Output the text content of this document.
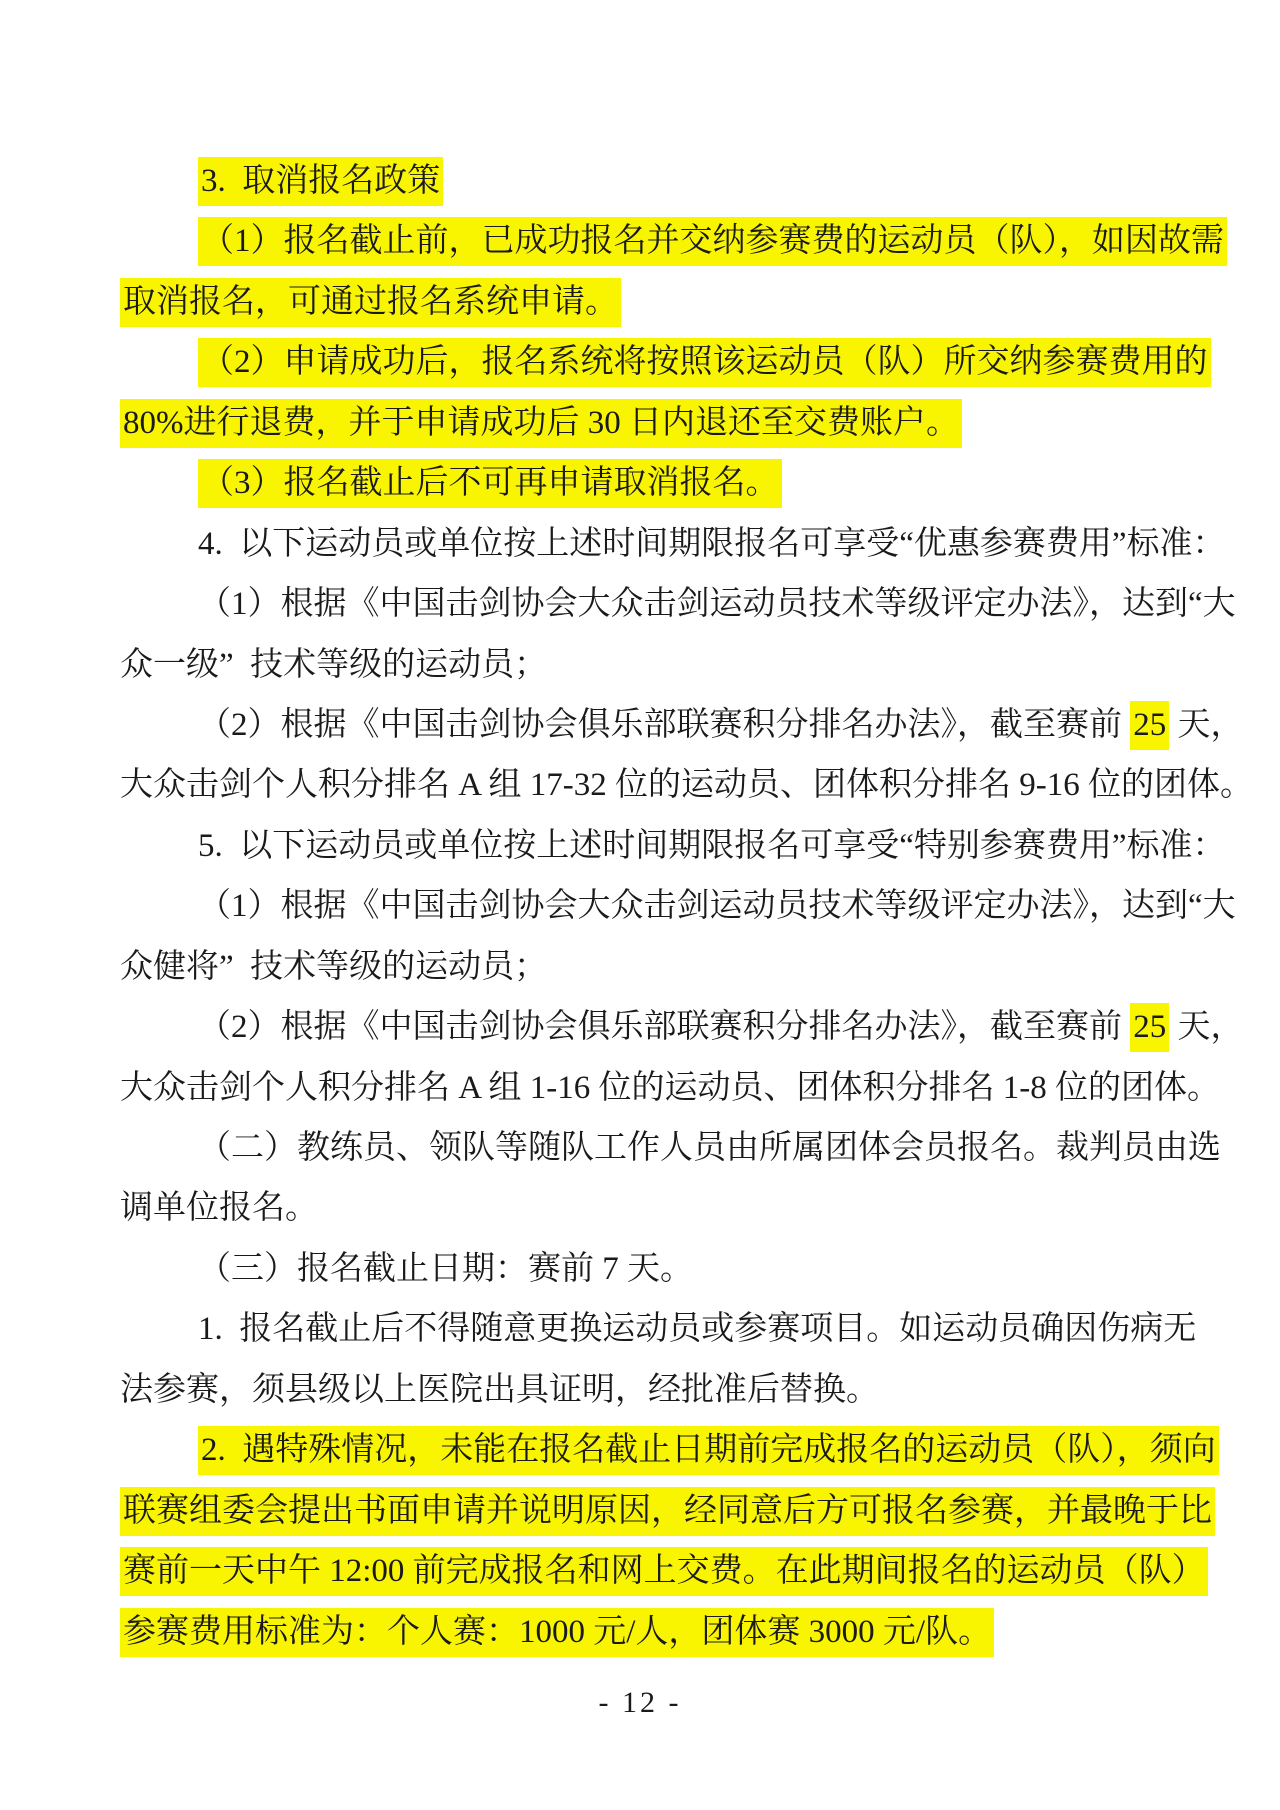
3. 取消报名政策
（1）报名截止前，已成功报名并交纳参赛费的运动员（队），如因故需
取消报名，可通过报名系统申请。
（2）申请成功后，报名系统将按照该运动员（队）所交纳参赛费用的
80%进行退费，并于申请成功后 30 日内退还至交费账户。
（3）报名截止后不可再申请取消报名。
4. 以下运动员或单位按上述时间期限报名可享受“优惠参赛费用”标准：
（1）根据《中国击剑协会大众击剑运动员技术等级评定办法》，达到“大
众一级” 技术等级的运动员；
（2）根据《中国击剑协会俱乐部联赛积分排名办法》，截至赛前 25 天，
大众击剑个人积分排名 A 组 17-32 位的运动员、团体积分排名 9-16 位的团体。
5. 以下运动员或单位按上述时间期限报名可享受“特别参赛费用”标准：
（1）根据《中国击剑协会大众击剑运动员技术等级评定办法》，达到“大
众健将” 技术等级的运动员；
（2）根据《中国击剑协会俱乐部联赛积分排名办法》，截至赛前 25 天，
大众击剑个人积分排名 A 组 1-16 位的运动员、团体积分排名 1-8 位的团体。
（二）教练员、领队等随队工作人员由所属团体会员报名。裁判员由选
调单位报名。
（三）报名截止日期：赛前 7 天。
1. 报名截止后不得随意更换运动员或参赛项目。如运动员确因伤病无
法参赛，须县级以上医院出具证明，经批准后替换。
2. 遇特殊情况，未能在报名截止日期前完成报名的运动员（队），须向
联赛组委会提出书面申请并说明原因，经同意后方可报名参赛，并最晚于比
赛前一天中午 12:00 前完成报名和网上交费。在此期间报名的运动员（队）
参赛费用标准为：个人赛：1000 元/人，团体赛 3000 元/队。
- 12 -
